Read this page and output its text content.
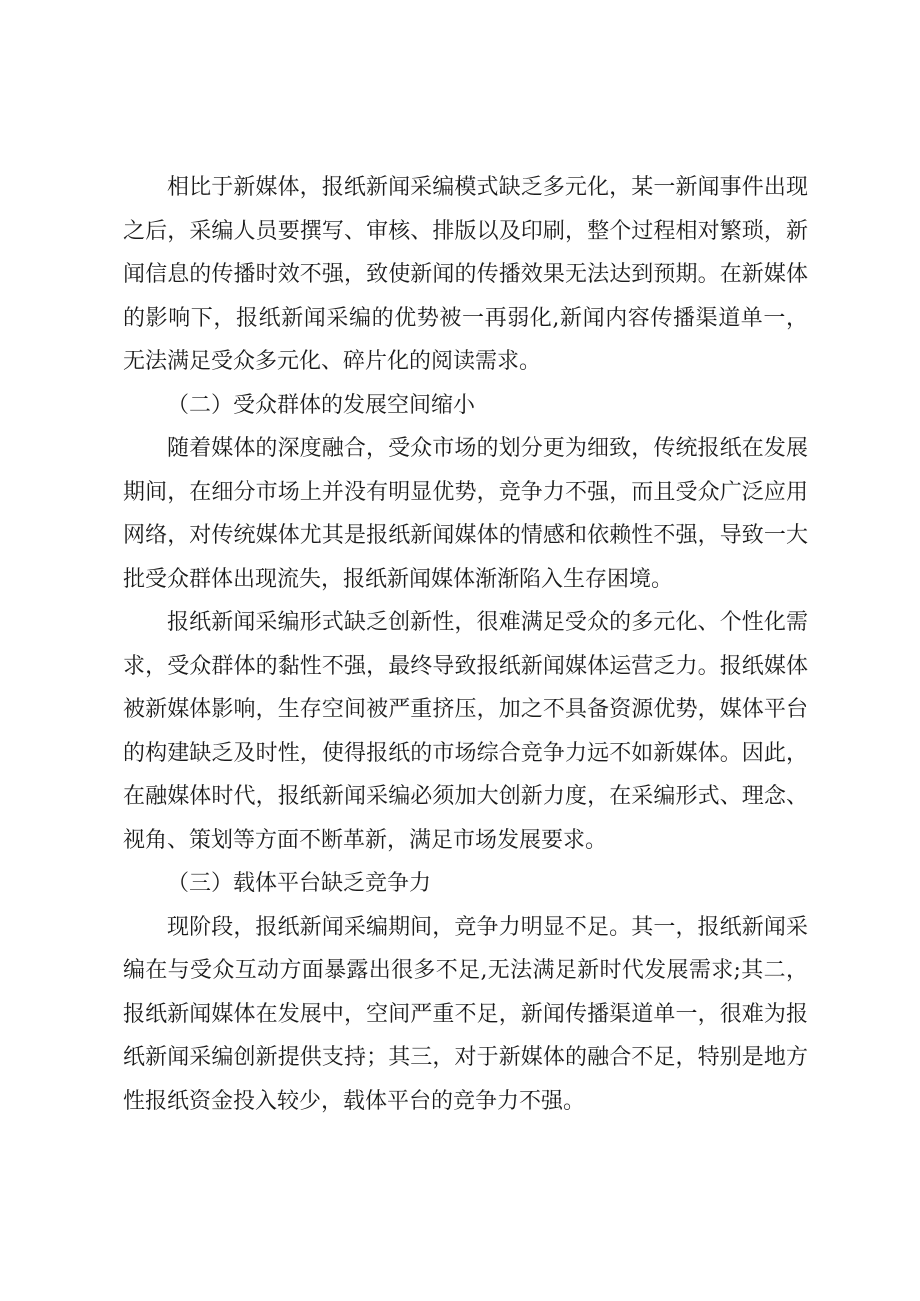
相比于新媒体，报纸新闻采编模式缺乏多元化，某一新闻事件出现之后，采编人员要撰写、审核、排版以及印刷，整个过程相对繁琐，新闻信息的传播时效不强，致使新闻的传播效果无法达到预期。在新媒体的影响下，报纸新闻采编的优势被一再弱化,新闻内容传播渠道单一，无法满足受众多元化、碎片化的阅读需求。

（二）受众群体的发展空间缩小

随着媒体的深度融合，受众市场的划分更为细致，传统报纸在发展期间，在细分市场上并没有明显优势，竞争力不强，而且受众广泛应用网络，对传统媒体尤其是报纸新闻媒体的情感和依赖性不强，导致一大批受众群体出现流失，报纸新闻媒体渐渐陷入生存困境。

报纸新闻采编形式缺乏创新性，很难满足受众的多元化、个性化需求，受众群体的黏性不强，最终导致报纸新闻媒体运营乏力。报纸媒体被新媒体影响，生存空间被严重挤压，加之不具备资源优势，媒体平台的构建缺乏及时性，使得报纸的市场综合竞争力远不如新媒体。因此，在融媒体时代，报纸新闻采编必须加大创新力度，在采编形式、理念、视角、策划等方面不断革新，满足市场发展要求。

（三）载体平台缺乏竞争力

现阶段，报纸新闻采编期间，竞争力明显不足。其一，报纸新闻采编在与受众互动方面暴露出很多不足,无法满足新时代发展需求;其二，报纸新闻媒体在发展中，空间严重不足，新闻传播渠道单一，很难为报纸新闻采编创新提供支持；其三，对于新媒体的融合不足，特别是地方性报纸资金投入较少，载体平台的竞争力不强。
